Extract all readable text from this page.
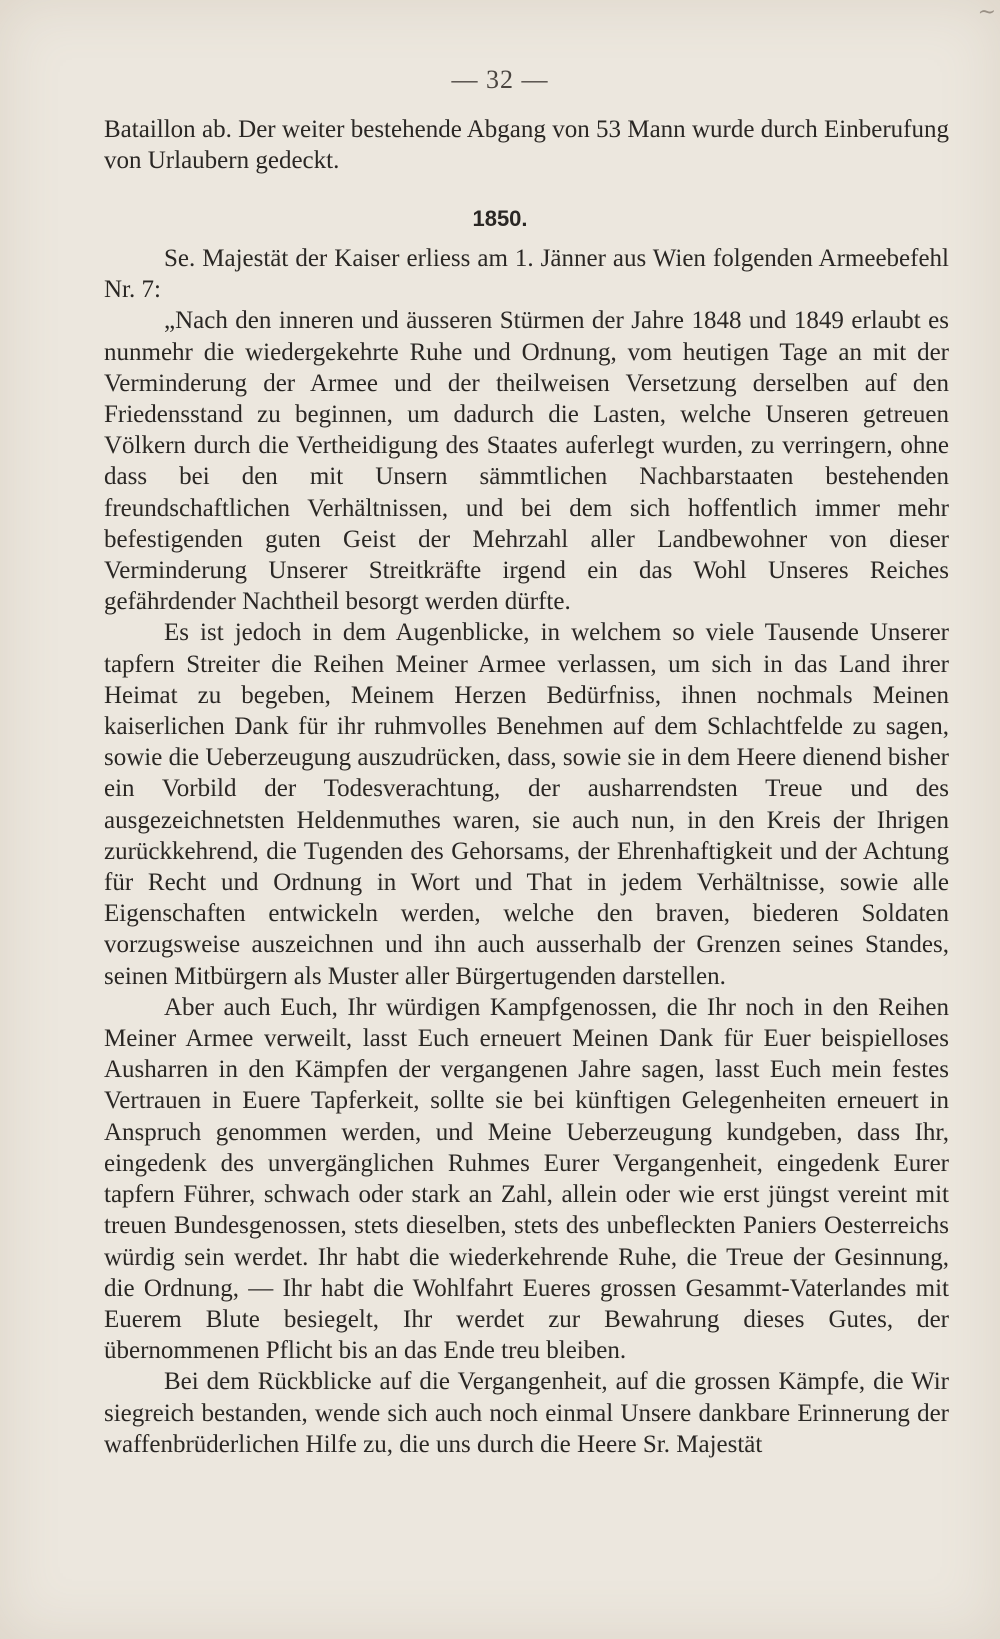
~
— 32 —

Bataillon ab. Der weiter bestehende Abgang von 53 Mann wurde durch Einberufung von Urlaubern gedeckt.

1850.

Se. Majestät der Kaiser erliess am 1. Jänner aus Wien folgenden Armeebefehl Nr. 7:

„Nach den inneren und äusseren Stürmen der Jahre 1848 und 1849 erlaubt es nunmehr die wiedergekehrte Ruhe und Ordnung, vom heutigen Tage an mit der Verminderung der Armee und der theilweisen Versetzung derselben auf den Friedensstand zu beginnen, um dadurch die Lasten, welche Unseren getreuen Völkern durch die Vertheidigung des Staates auferlegt wurden, zu verringern, ohne dass bei den mit Unsern sämmtlichen Nachbarstaaten bestehenden freundschaftlichen Verhältnissen, und bei dem sich hoffentlich immer mehr befestigenden guten Geist der Mehrzahl aller Landbewohner von dieser Verminderung Unserer Streitkräfte irgend ein das Wohl Unseres Reiches gefährdender Nachtheil besorgt werden dürfte.

Es ist jedoch in dem Augenblicke, in welchem so viele Tausende Unserer tapfern Streiter die Reihen Meiner Armee verlassen, um sich in das Land ihrer Heimat zu begeben, Meinem Herzen Bedürfniss, ihnen nochmals Meinen kaiserlichen Dank für ihr ruhmvolles Benehmen auf dem Schlachtfelde zu sagen, sowie die Ueberzeugung auszudrücken, dass, sowie sie in dem Heere dienend bisher ein Vorbild der Todesverachtung, der ausharrendsten Treue und des ausgezeichnetsten Heldenmuthes waren, sie auch nun, in den Kreis der Ihrigen zurückkehrend, die Tugenden des Gehorsams, der Ehrenhaftigkeit und der Achtung für Recht und Ordnung in Wort und That in jedem Verhältnisse, sowie alle Eigenschaften entwickeln werden, welche den braven, biederen Soldaten vorzugsweise auszeichnen und ihn auch ausserhalb der Grenzen seines Standes, seinen Mitbürgern als Muster aller Bürgertugenden darstellen.

Aber auch Euch, Ihr würdigen Kampfgenossen, die Ihr noch in den Reihen Meiner Armee verweilt, lasst Euch erneuert Meinen Dank für Euer beispielloses Ausharren in den Kämpfen der vergangenen Jahre sagen, lasst Euch mein festes Vertrauen in Euere Tapferkeit, sollte sie bei künftigen Gelegenheiten erneuert in Anspruch genommen werden, und Meine Ueberzeugung kundgeben, dass Ihr, eingedenk des unvergänglichen Ruhmes Eurer Vergangenheit, eingedenk Eurer tapfern Führer, schwach oder stark an Zahl, allein oder wie erst jüngst vereint mit treuen Bundesgenossen, stets dieselben, stets des unbefleckten Paniers Oesterreichs würdig sein werdet. Ihr habt die wiederkehrende Ruhe, die Treue der Gesinnung, die Ordnung, — Ihr habt die Wohlfahrt Eueres grossen Gesammt-Vaterlandes mit Euerem Blute besiegelt, Ihr werdet zur Bewahrung dieses Gutes, der übernommenen Pflicht bis an das Ende treu bleiben.

Bei dem Rückblicke auf die Vergangenheit, auf die grossen Kämpfe, die Wir siegreich bestanden, wende sich auch noch einmal Unsere dankbare Erinnerung der waffenbrüderlichen Hilfe zu, die uns durch die Heere Sr. Majestät
